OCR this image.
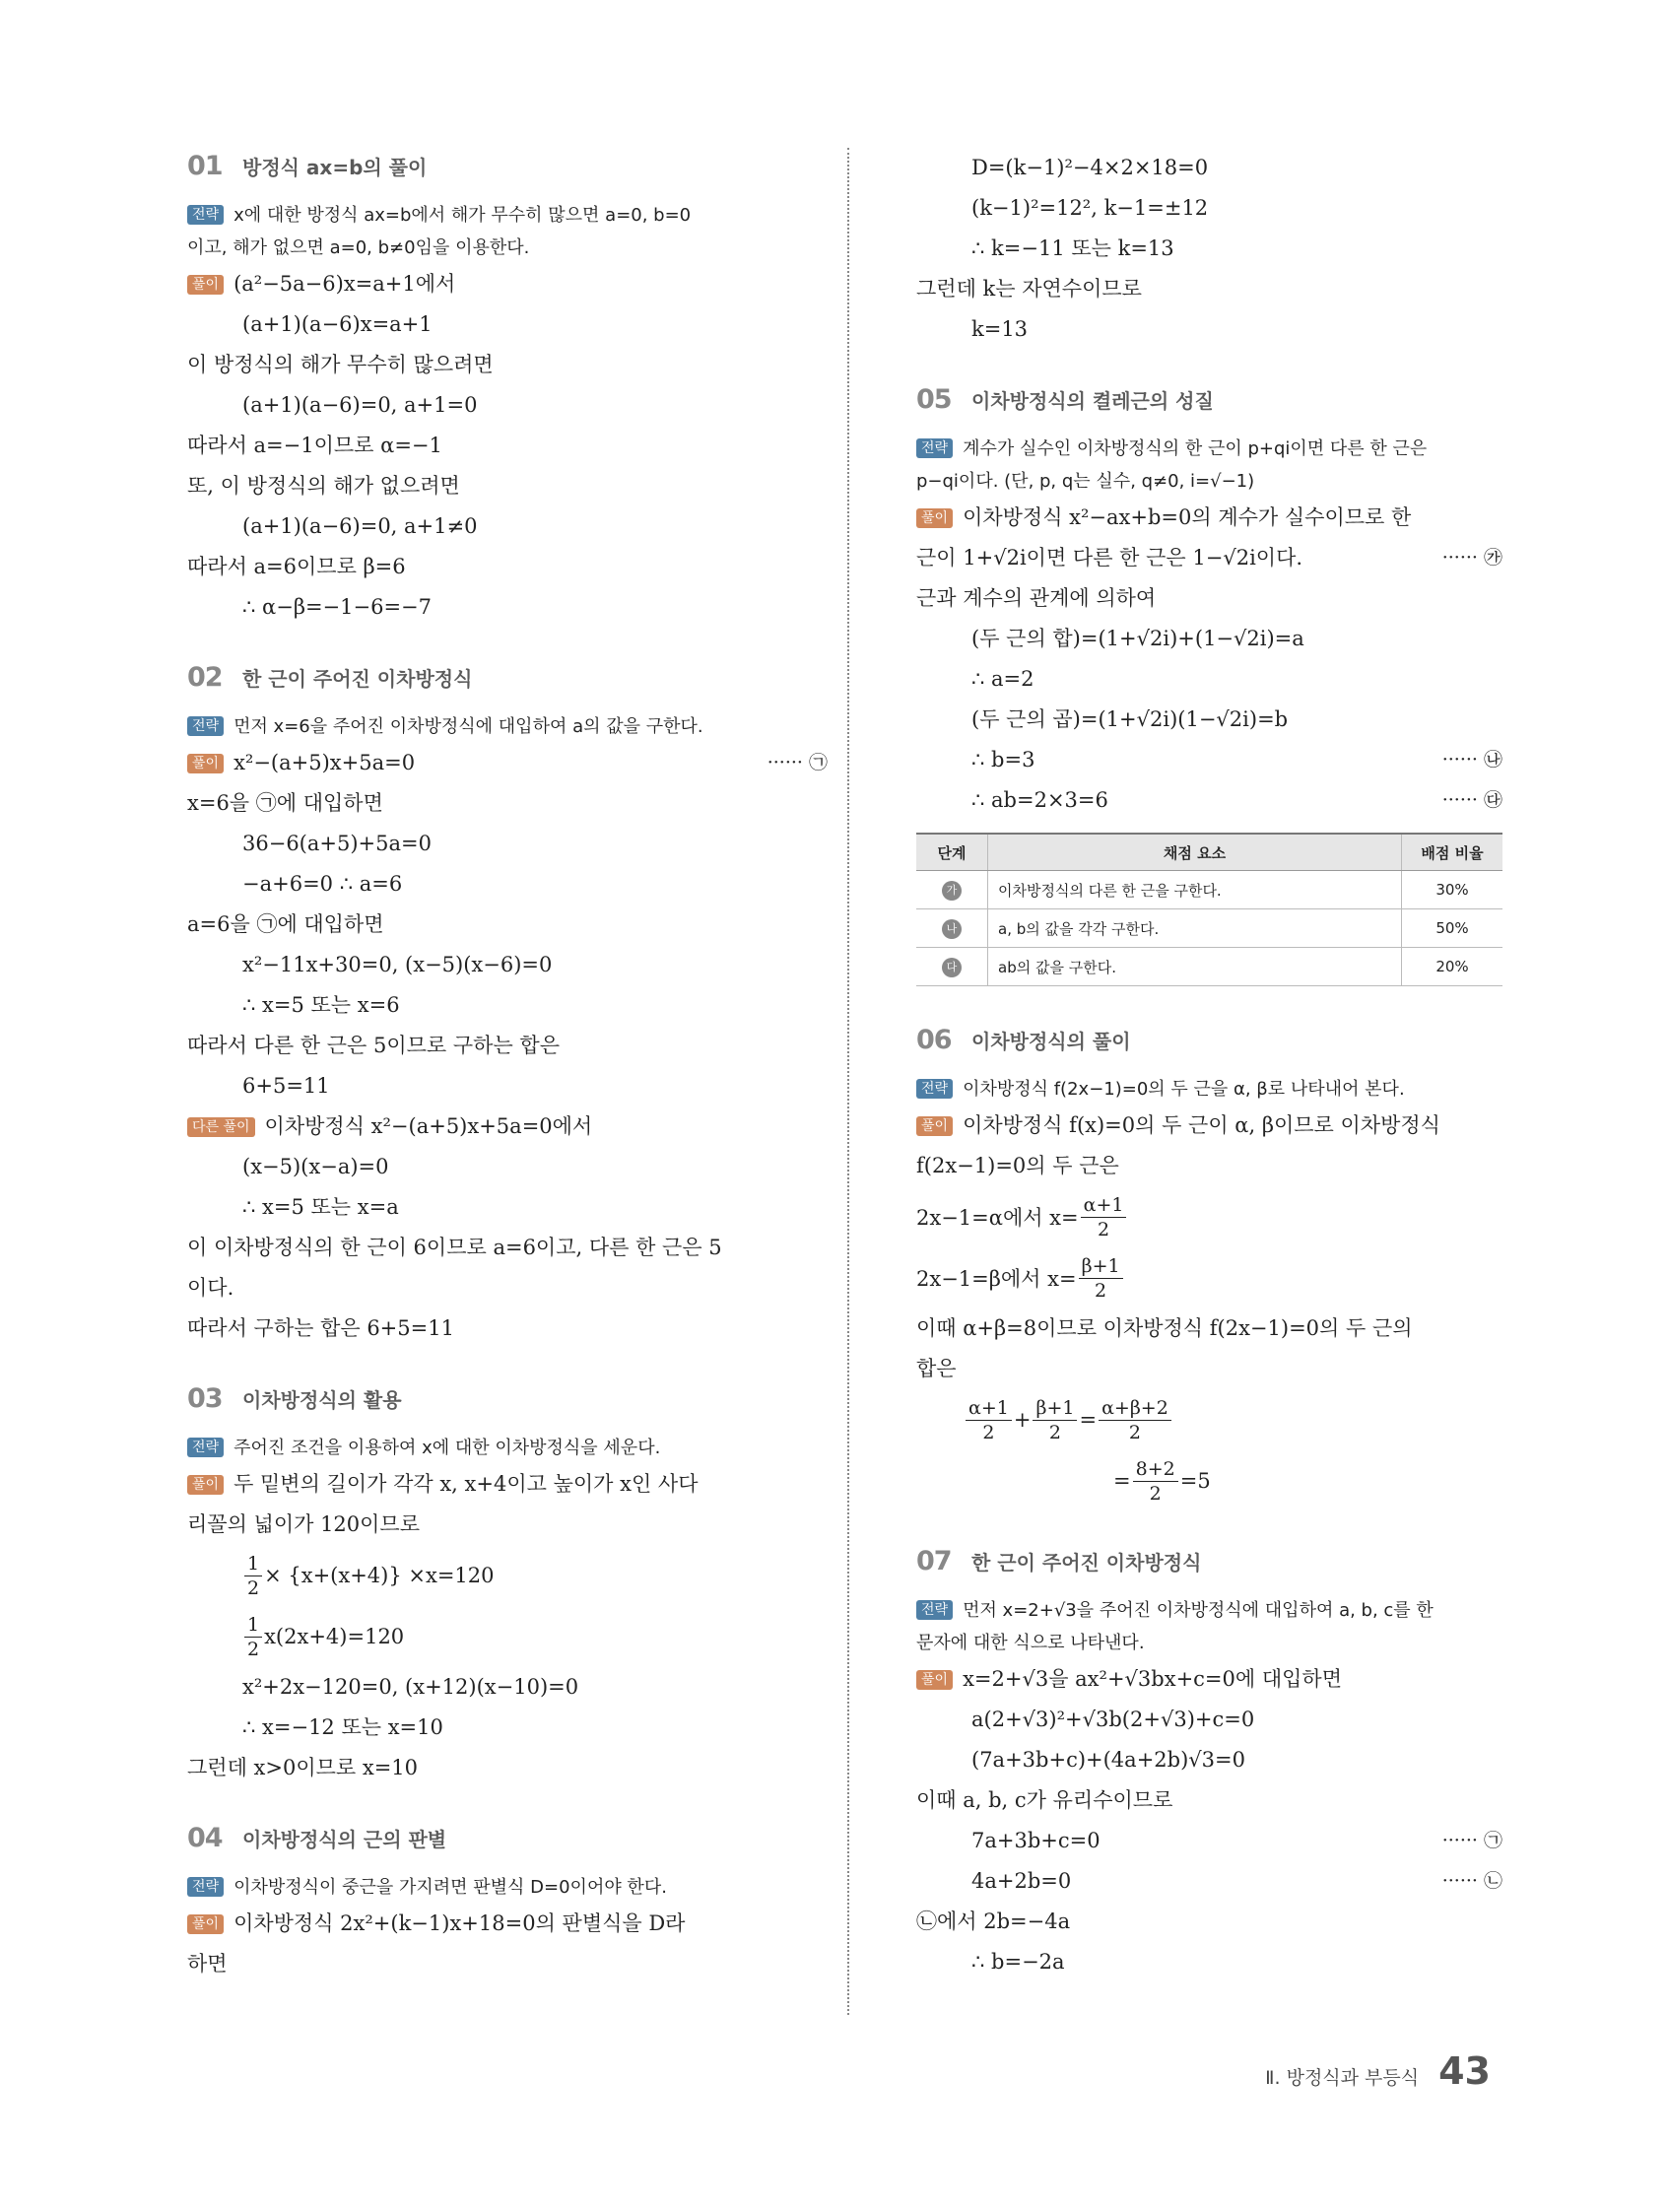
01	방정식 ax=b의 풀이
전략 x에 대한 방정식 ax=b에서 해가 무수히 많으면 a=0, b=0
이고, 해가 없으면 a=0, b≠0임을 이용한다.
풀이 (a²−5a−6)x=a+1에서
(a+1)(a−6)x=a+1
이 방정식의 해가 무수히 많으려면
(a+1)(a−6)=0, a+1=0
따라서 a=−1이므로 α=−1
또, 이 방정식의 해가 없으려면
(a+1)(a−6)=0, a+1≠0
따라서 a=6이므로 β=6
∴ α−β=−1−6=−7
02	한 근이 주어진 이차방정식
전략 먼저 x=6을 주어진 이차방정식에 대입하여 a의 값을 구한다.
풀이 x²−(a+5)x+5a=0	······ ㉠
x=6을 ㉠에 대입하면
36−6(a+5)+5a=0
−a+6=0 ∴ a=6
a=6을 ㉠에 대입하면
x²−11x+30=0, (x−5)(x−6)=0
∴ x=5 또는 x=6
따라서 다른 한 근은 5이므로 구하는 합은
6+5=11
다른 풀이 이차방정식 x²−(a+5)x+5a=0에서
(x−5)(x−a)=0
∴ x=5 또는 x=a
이 이차방정식의 한 근이 6이므로 a=6이고, 다른 한 근은 5
이다.
따라서 구하는 합은 6+5=11
03	이차방정식의 활용
전략 주어진 조건을 이용하여 x에 대한 이차방정식을 세운다.
풀이 두 밑변의 길이가 각각 x, x+4이고 높이가 x인 사다
리꼴의 넓이가 120이므로
$\frac{1}{2} \times \{x+(x+4)\} \times x=120$
$\frac{1}{2} x(2x+4)=120$
x²+2x−120=0, (x+12)(x−10)=0
∴ x=−12 또는 x=10
그런데 x>0이므로 x=10
04	이차방정식의 근의 판별
전략 이차방정식이 중근을 가지려면 판별식 D=0이어야 한다.
풀이 이차방정식 2x²+(k−1)x+18=0의 판별식을 D라
하면
D=(k−1)²−4×2×18=0
(k−1)²=12², k−1=±12
∴ k=−11 또는 k=13
그런데 k는 자연수이므로
k=13
05	이차방정식의 켤레근의 성질
전략 계수가 실수인 이차방정식의 한 근이 p+qi이면 다른 한 근은
p−qi이다. (단, p, q는 실수, q≠0, i=√−1)
풀이 이차방정식 x²−ax+b=0의 계수가 실수이므로 한
근이 1+√2i이면 다른 한 근은 1−√2i이다.	······ ㉮
근과 계수의 관계에 의하여
(두 근의 합)=(1+√2i)+(1−√2i)=a
∴ a=2
(두 근의 곱)=(1+√2i)(1−√2i)=b
∴ b=3	······ ㉯
∴ ab=2×3=6	······ ㉰
단계	채점 요소	배점 비율
가	이차방정식의 다른 한 근을 구한다.	30%
나	a, b의 값을 각각 구한다.	50%
다	ab의 값을 구한다.	20%
06	이차방정식의 풀이
전략 이차방정식 f(2x−1)=0의 두 근을 α, β로 나타내어 본다.
풀이 이차방정식 f(x)=0의 두 근이 α, β이므로 이차방정식
f(2x−1)=0의 두 근은
2x−1=α에서 $x= \frac{\alpha+1}{2}$
2x−1=β에서 $x= \frac{\beta+1}{2}$
이때 α+β=8이므로 이차방정식 f(2x−1)=0의 두 근의
합은
$\frac{\alpha+1}{2} + \frac{\beta+1}{2} = \frac{\alpha+\beta+2}{2}$
= $\frac{8+2}{2} =5$
07	한 근이 주어진 이차방정식
전략 먼저 x=2+√3을 주어진 이차방정식에 대입하여 a, b, c를 한
문자에 대한 식으로 나타낸다.
풀이 x=2+√3을 ax²+√3bx+c=0에 대입하면
a(2+√3)²+√3b(2+√3)+c=0
(7a+3b+c)+(4a+2b)√3=0
이때 a, b, c가 유리수이므로
7a+3b+c=0	······ ㉠
4a+2b=0	······ ㉡
㉡에서 2b=−4a
∴ b=−2a
Ⅱ. 방정식과 부등식 43
